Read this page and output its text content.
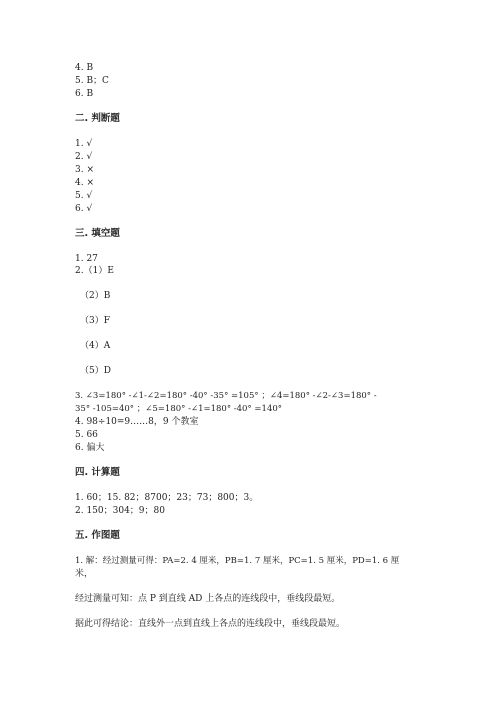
4. B
5. B；C
6. B
二. 判断题
1. √
2. √
3. ×
4. ×
5. √
6. √
三. 填空题
1. 27
2.（1）E
（2）B
（3）F
（4）A
（5）D
3. ∠3=180° -∠1-∠2=180° -40° -35° =105° ；∠4=180° -∠2-∠3=180° -
35° -105=40° ；∠5=180° -∠1=180° -40° =140°
4. 98÷10=9……8，9 个教室
5. 66
6. 偏大
四. 计算题
1. 60；15. 82；8700；23；73；800；3。
2. 150；304；9；80
五. 作图题
1. 解：经过测量可得：PA=2. 4 厘米，PB=1. 7 厘米，PC=1. 5 厘米，PD=1. 6 厘
米，
经过测量可知：点 P 到直线 AD 上各点的连线段中，垂线段最短。
据此可得结论：直线外一点到直线上各点的连线段中，垂线段最短。
